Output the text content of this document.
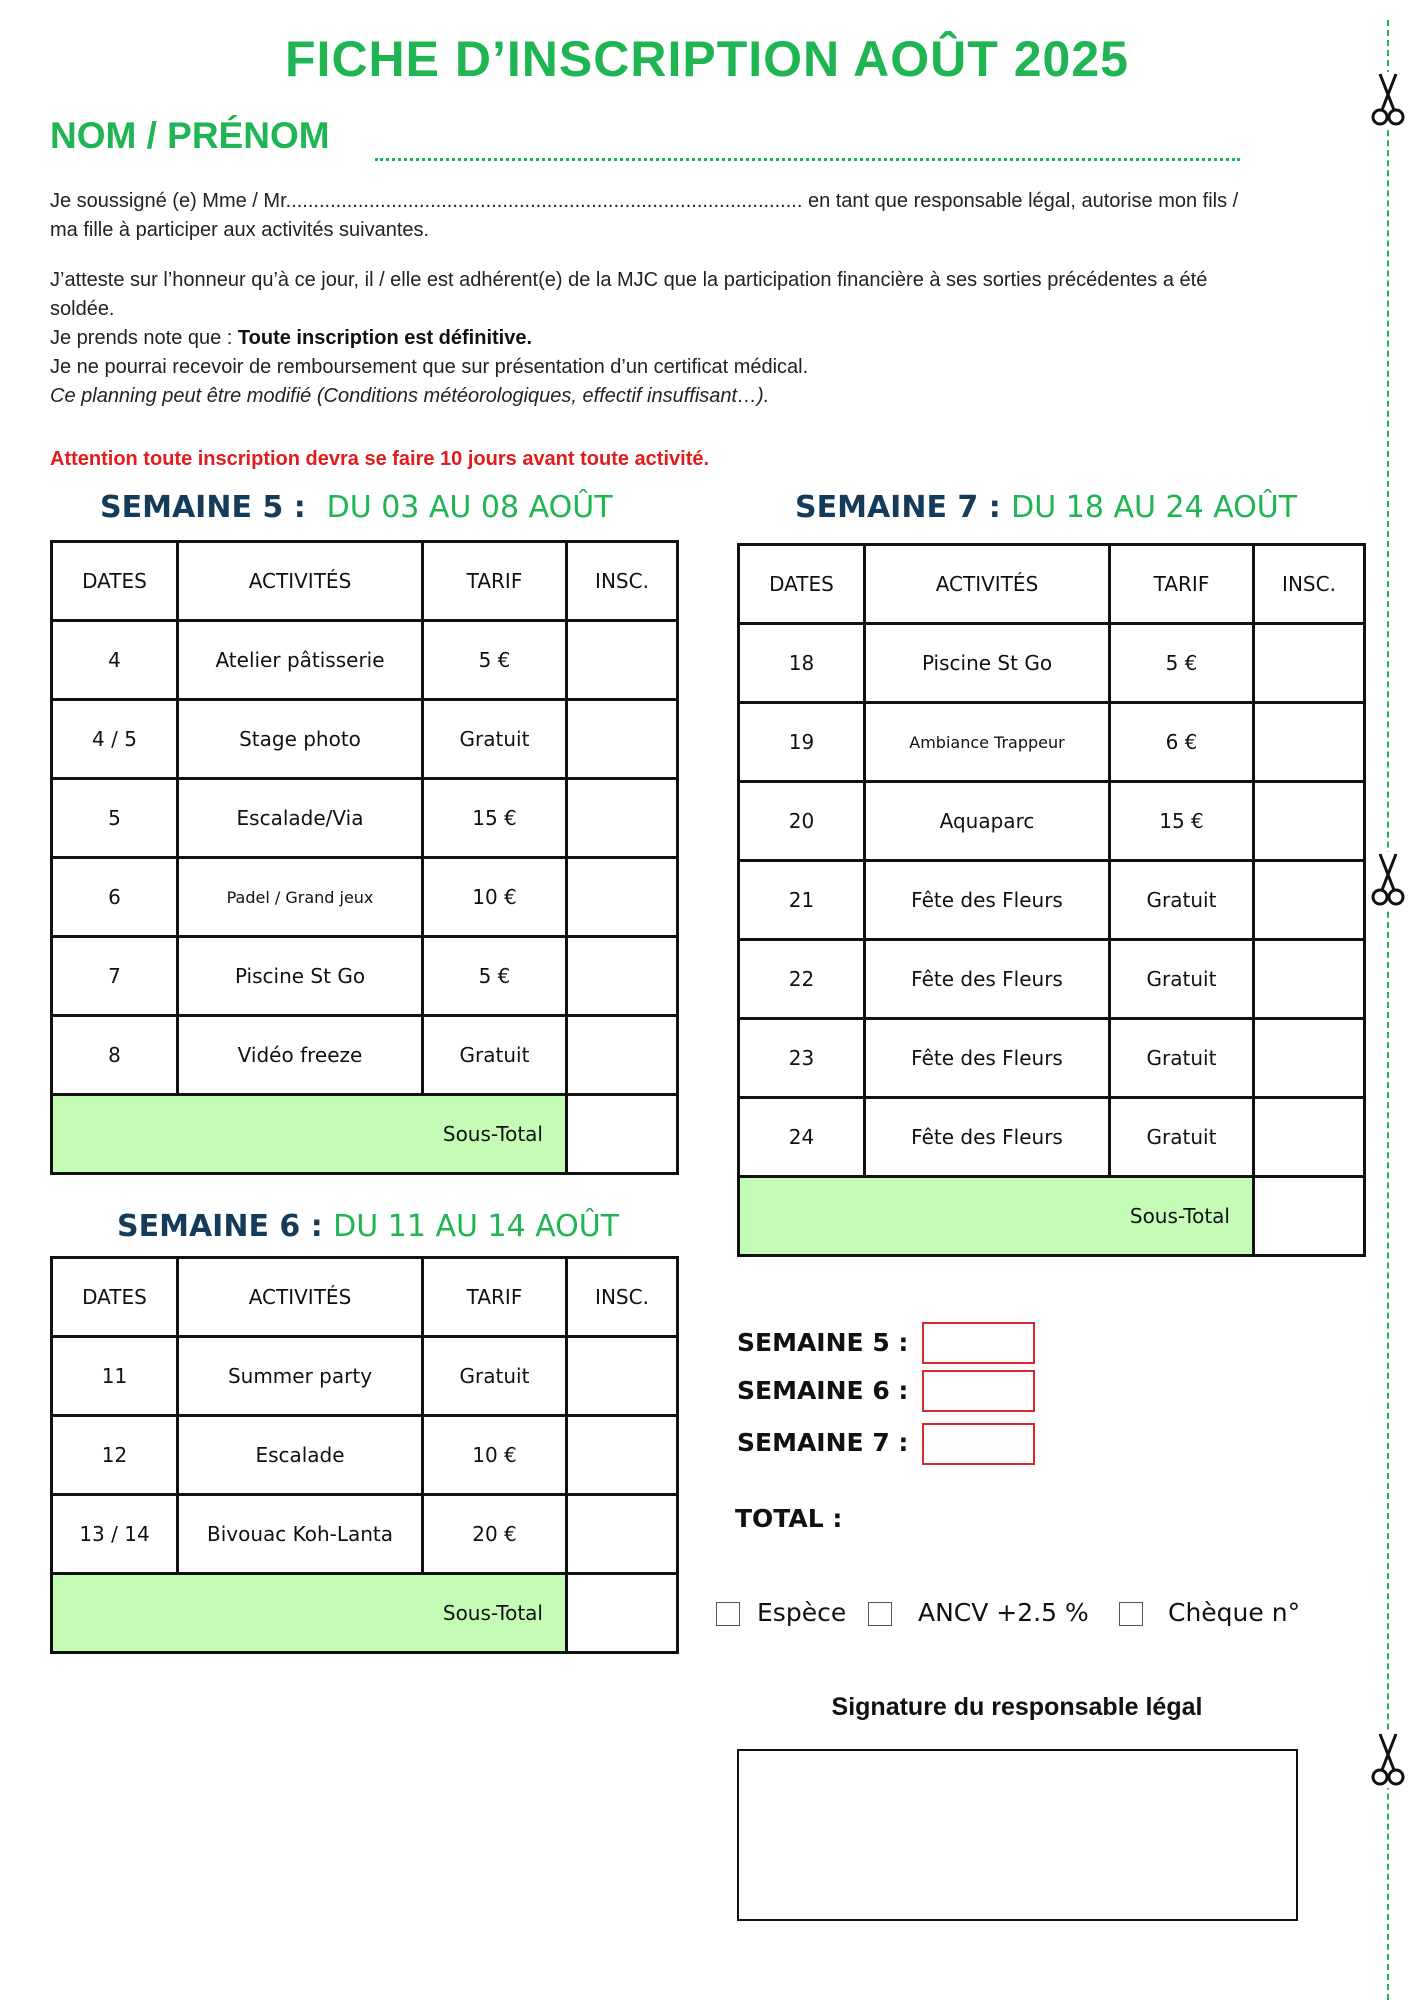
FICHE D’INSCRIPTION AOÛT 2025
NOM / PRÉNOM
Je soussigné (e) Mme / Mr............................................................................................. en tant que responsable légal, autorise mon fils /
ma fille à participer aux activités suivantes.
J’atteste sur l’honneur qu’à ce jour, il / elle est adhérent(e) de la MJC que la participation financière à ses sorties précédentes a été
soldée.
Je prends note que : Toute inscription est définitive.
Je ne pourrai recevoir de remboursement que sur présentation d’un certificat médical.
Ce planning peut être modifié (Conditions météorologiques, effectif insuffisant…).
Attention toute inscription devra se faire 10 jours avant toute activité.
SEMAINE 5 : DU 03 AU 08 AOÛT
DATES	ACTIVITÉS	TARIF	INSC.
4	Atelier pâtisserie	5 €	
4 / 5	Stage photo	Gratuit	
5	Escalade/Via	15 €	
6	Padel / Grand jeux	10 €	
7	Piscine St Go	5 €	
8	Vidéo freeze	Gratuit	
Sous-Total			
SEMAINE 6 : DU 11 AU 14 AOÛT
DATES	ACTIVITÉS	TARIF	INSC.
11	Summer party	Gratuit	
12	Escalade	10 €	
13 / 14	Bivouac Koh-Lanta	20 €	
Sous-Total			
SEMAINE 7 : DU 18 AU 24 AOÛT
DATES	ACTIVITÉS	TARIF	INSC.
18	Piscine St Go	5 €	
19	Ambiance Trappeur	6 €	
20	Aquaparc	15 €	
21	Fête des Fleurs	Gratuit	
22	Fête des Fleurs	Gratuit	
23	Fête des Fleurs	Gratuit	
24	Fête des Fleurs	Gratuit	
Sous-Total			
SEMAINE 5 :
SEMAINE 6 :
SEMAINE 7 :
TOTAL :
Espèce	ANCV +2.5 %	Chèque n°
Signature du responsable légal
